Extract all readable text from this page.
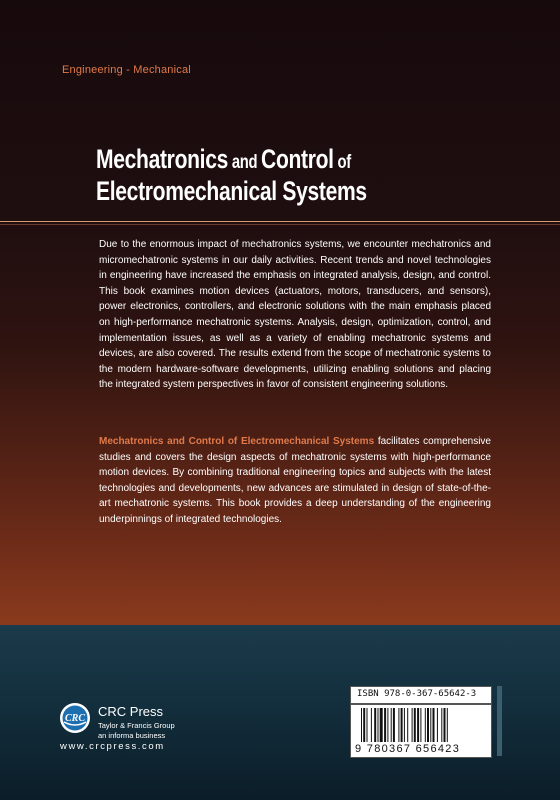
Engineering - Mechanical
Mechatronics and Control of
Electromechanical Systems
Due to the enormous impact of mechatronics systems, we encounter mechatronics and micromechatronic systems in our daily activities. Recent trends and novel technologies in engineering have increased the emphasis on integrated analysis, design, and control. This book examines motion devices (actuators, motors, transducers, and sensors), power electronics, controllers, and electronic solutions with the main emphasis placed on high-performance mechatronic systems. Analysis, design, optimization, control, and implementation issues, as well as a variety of enabling mechatronic systems and devices, are also covered. The results extend from the scope of mechatronic systems to the modern hardware-software developments, utilizing enabling solutions and placing the integrated system perspectives in favor of consistent engineering solutions.
Mechatronics and Control of Electromechanical Systems facilitates comprehensive studies and covers the design aspects of mechatronic systems with high-performance motion devices. By combining traditional engineering topics and subjects with the latest technologies and developments, new advances are stimulated in design of state-of-the-art mechatronic systems. This book provides a deep understanding of the engineering underpinnings of integrated technologies.
CRC CRC Press
Taylor & Francis Group
an informa business
www.crcpress.com
ISBN 978-0-367-65642-3
9 780367 656423
